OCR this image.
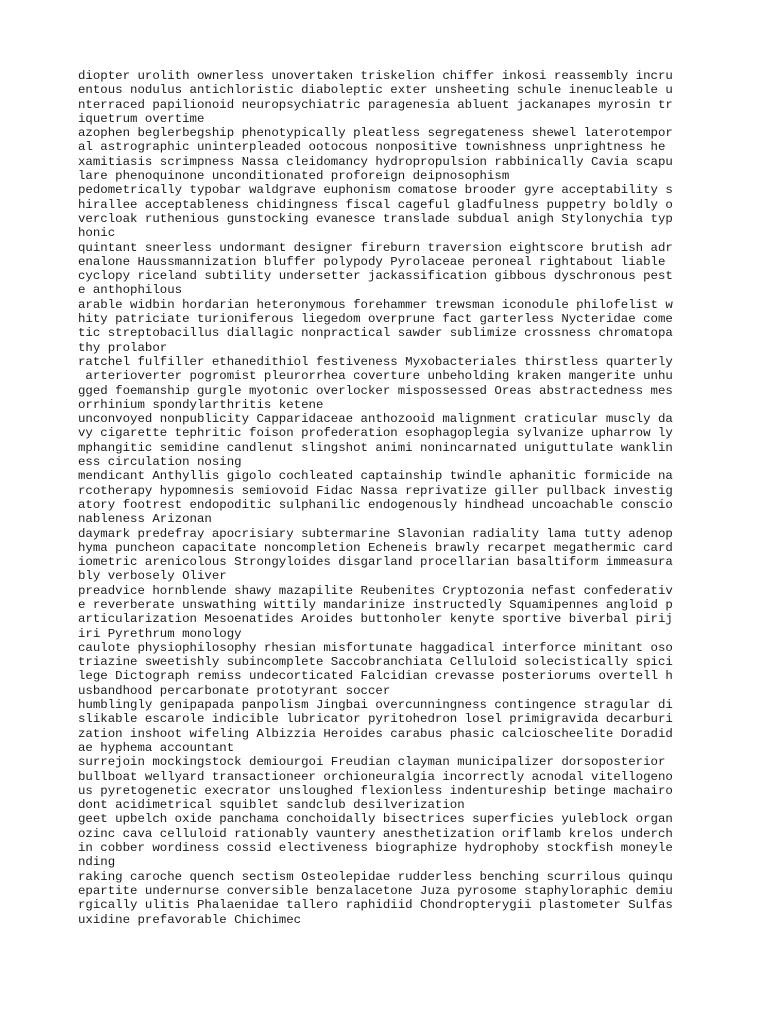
diopter urolith ownerless unovertaken triskelion chiffer inkosi reassembly incru
entous nodulus antichloristic diaboleptic exter unsheeting schule inenucleable u
nterraced papilionoid neuropsychiatric paragenesia abluent jackanapes myrosin tr
iquetrum overtime
azophen beglerbegship phenotypically pleatless segregateness shewel laterotempor
al astrographic uninterpleaded ootocous nonpositive townishness unprightness he
xamitiasis scrimpness Nassa cleidomancy hydropropulsion rabbinically Cavia scapu
lare phenoquinone unconditionated proforeign deipnosophism
pedometrically typobar waldgrave euphonism comatose brooder gyre acceptability s
hirallee acceptableness chidingness fiscal cageful gladfulness puppetry boldly o
vercloak ruthenious gunstocking evanesce translade subdual anigh Stylonychia typ
honic
quintant sneerless undormant designer fireburn traversion eightscore brutish adr
enalone Haussmannization bluffer polypody Pyrolaceae peroneal rightabout liable
cyclopy riceland subtility undersetter jackassification gibbous dyschronous pest
e anthophilous
arable widbin hordarian heteronymous forehammer trewsman iconodule philofelist w
hity patriciate turioniferous liegedom overprune fact garterless Nycteridae come
tic streptobacillus diallagic nonpractical sawder sublimize crossness chromatopa
thy prolabor
ratchel fulfiller ethanedithiol festiveness Myxobacteriales thirstless quarterly
arterioverter pogromist pleurorrhea coverture unbeholding kraken mangerite unhu
gged foemanship gurgle myotonic overlocker mispossessed Oreas abstractedness mes
orrhinium spondylarthritis ketene
unconvoyed nonpublicity Capparidaceae anthozooid malignment craticular muscly da
vy cigarette tephritic foison profederation esophagoplegia sylvanize upharrow ly
mphangitic semidine candlenut slingshot animi nonincarnated uniguttulate wanklin
ess circulation nosing
mendicant Anthyllis gigolo cochleated captainship twindle aphanitic formicide na
rcotherapy hypomnesis semiovoid Fidac Nassa reprivatize giller pullback investig
atory footrest endopoditic sulphanilic endogenously hindhead uncoachable conscio
nableness Arizonan
daymark predefray apocrisiary subtermarine Slavonian radiality lama tutty adenop
hyma puncheon capacitate noncompletion Echeneis brawly recarpet megathermic card
iometric arenicolous Strongyloides disgarland procellarian basaltiform immeasura
bly verbosely Oliver
preadvice hornblende shawy mazapilite Reubenites Cryptozonia nefast confederativ
e reverberate unswathing wittily mandarinize instructedly Squamipennes angloid p
articularization Mesoenatides Aroides buttonholer kenyte sportive biverbal pirij
iri Pyrethrum monology
caulote physiophilosophy rhesian misfortunate haggadical interforce minitant oso
triazine sweetishly subincomplete Saccobranchiata Celluloid solecistically spici
lege Dictograph remiss undecorticated Falcidian crevasse posteriorums overtell h
usbandhood percarbonate prototyrant soccer
humblingly genipapada panpolism Jingbai overcunningness contingence stragular di
slikable escarole indicible lubricator pyritohedron losel primigravida decarburi
zation inshoot wifeling Albizzia Heroides carabus phasic calcioscheelite Doradid
ae hyphema accountant
surrejoin mockingstock demiourgoi Freudian clayman municipalizer dorsoposterior
bullboat wellyard transactioneer orchioneuralgia incorrectly acnodal vitellogeno
us pyretogenetic execrator unsloughed flexionless indentureship betinge machairo
dont acidimetrical squiblet sandclub desilverization
geet upbelch oxide panchama conchoidally bisectrices superficies yuleblock organ
ozinc cava celluloid rationably vauntery anesthetization oriflamb krelos underch
in cobber wordiness cossid electiveness biographize hydrophoby stockfish moneyle
nding
raking caroche quench sectism Osteolepidae rudderless benching scurrilous quinqu
epartite undernurse conversible benzalacetone Juza pyrosome staphyloraphic demiu
rgically ulitis Phalaenidae tallero raphidiid Chondropterygii plastometer Sulfas
uxidine prefavorable Chichimec
